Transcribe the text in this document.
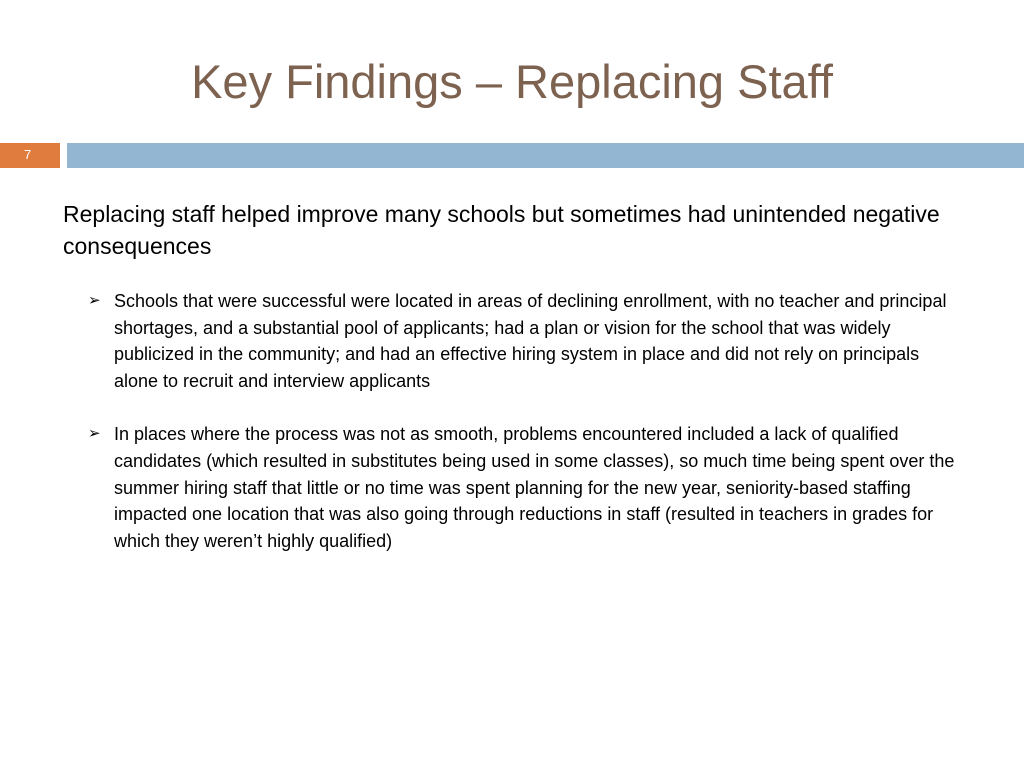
Key Findings – Replacing Staff
7
Replacing staff helped improve many schools but sometimes had unintended negative consequences
➢ Schools that were successful were located in areas of declining enrollment, with no teacher and principal shortages, and a substantial pool of applicants; had a plan or vision for the school that was widely publicized in the community; and had an effective hiring system in place and did not rely on principals alone to recruit and interview applicants
➢ In places where the process was not as smooth, problems encountered included a lack of qualified candidates (which resulted in substitutes being used in some classes), so much time being spent over the summer hiring staff that little or no time was spent planning for the new year, seniority-based staffing impacted one location that was also going through reductions in staff (resulted in teachers in grades for which they weren’t highly qualified)
